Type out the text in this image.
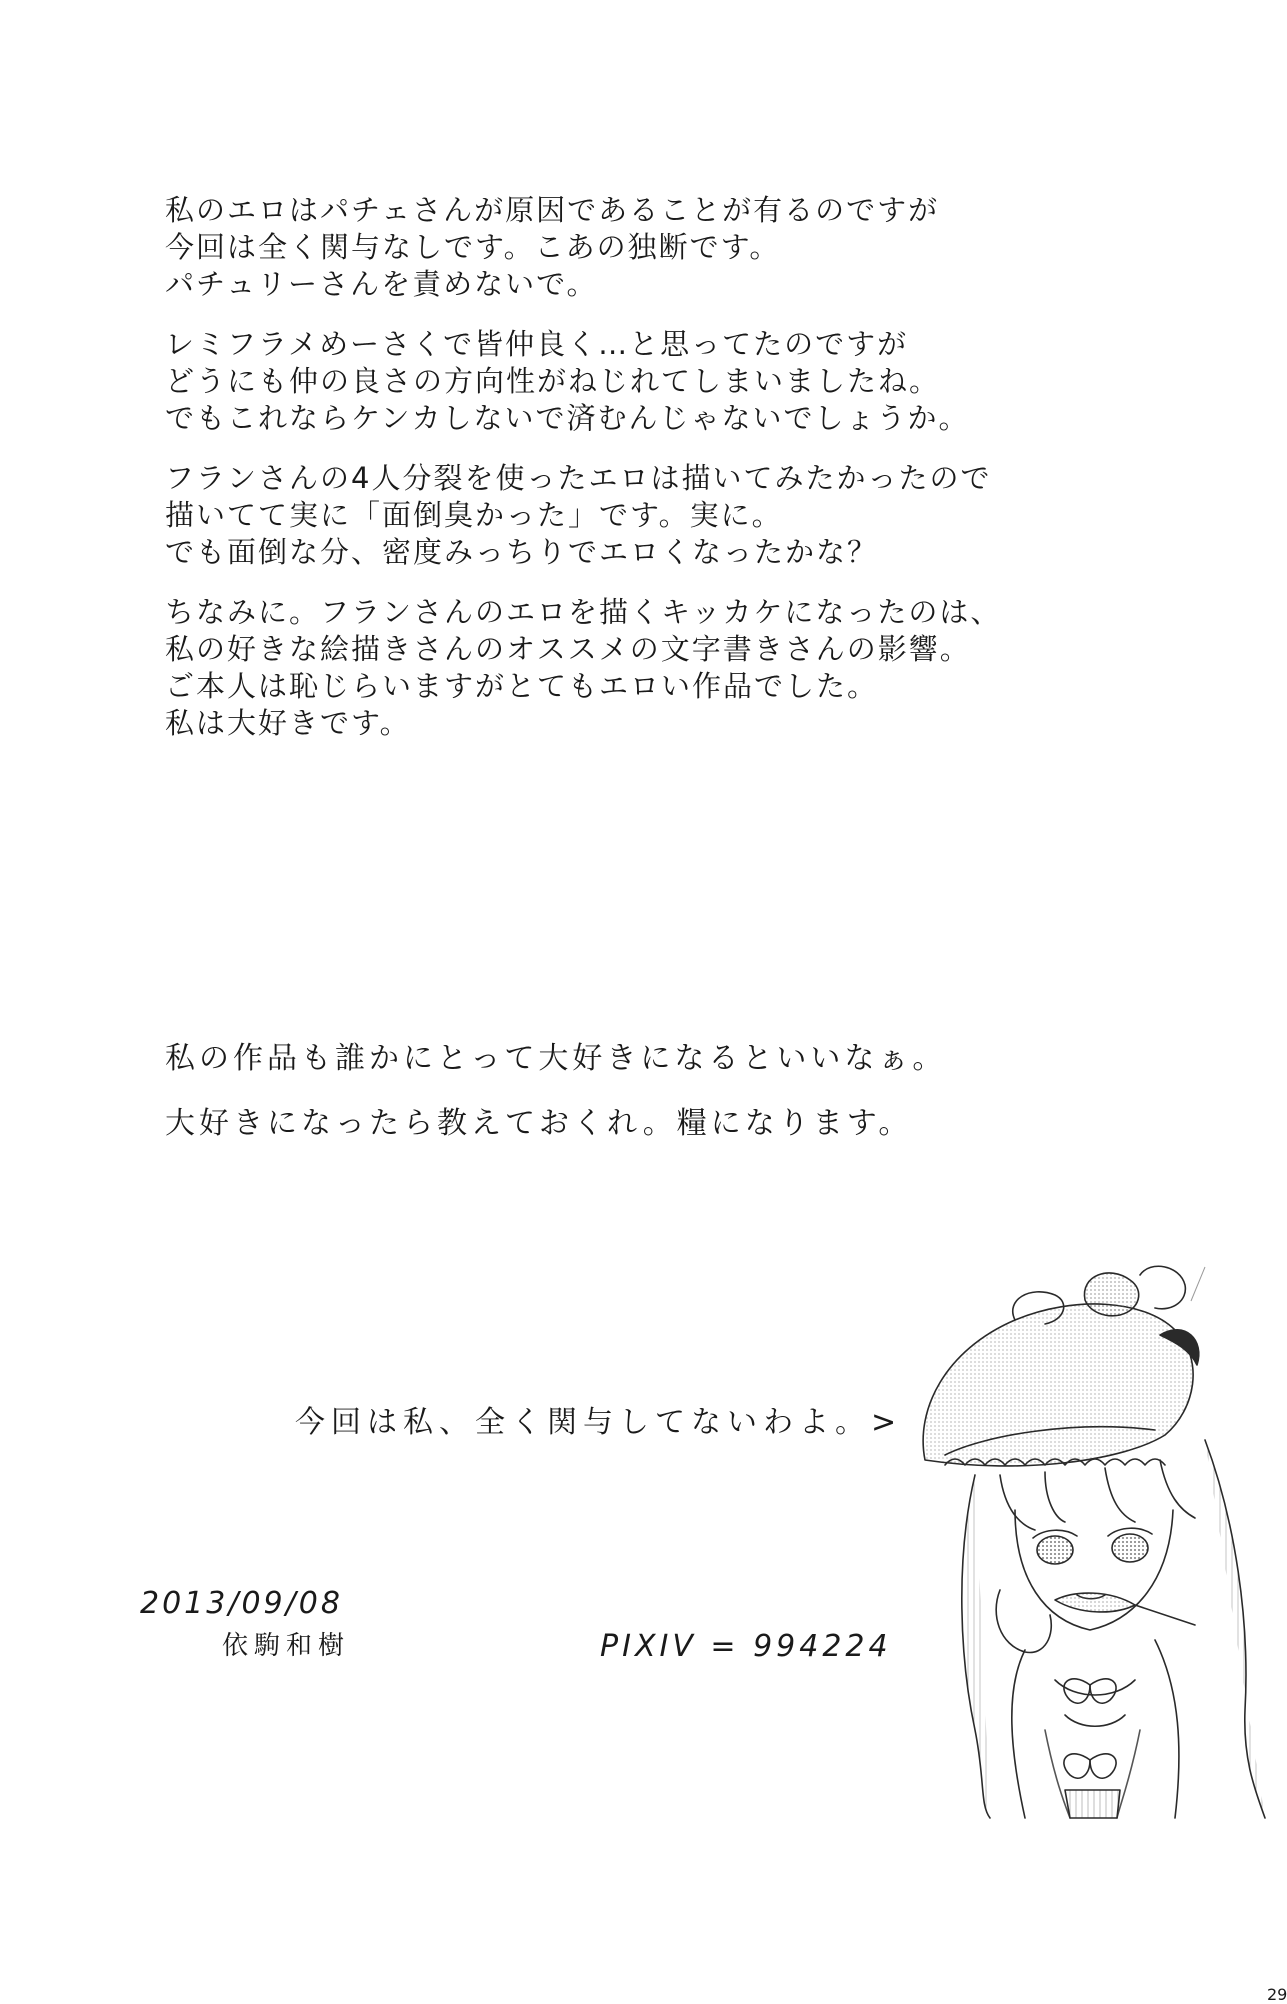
私のエロはパチェさんが原因であることが有るのですが

今回は全く関与なしです。こあの独断です。

パチュリーさんを責めないで。

レミフラメめーさくで皆仲良く…と思ってたのですが

どうにも仲の良さの方向性がねじれてしまいましたね。

でもこれならケンカしないで済むんじゃないでしょうか。

フランさんの4人分裂を使ったエロは描いてみたかったので

描いてて実に「面倒臭かった」です。実に。

でも面倒な分、密度みっちりでエロくなったかな？

ちなみに。フランさんのエロを描くキッカケになったのは、

私の好きな絵描きさんのオススメの文字書きさんの影響。

ご本人は恥じらいますがとてもエロい作品でした。

私は大好きです。

私の作品も誰かにとって大好きになるといいなぁ。

大好きになったら教えておくれ。糧になります。

今回は私、全く関与してないわよ。>

2013/09/08

依駒和樹	PIXIV = 994224

29
